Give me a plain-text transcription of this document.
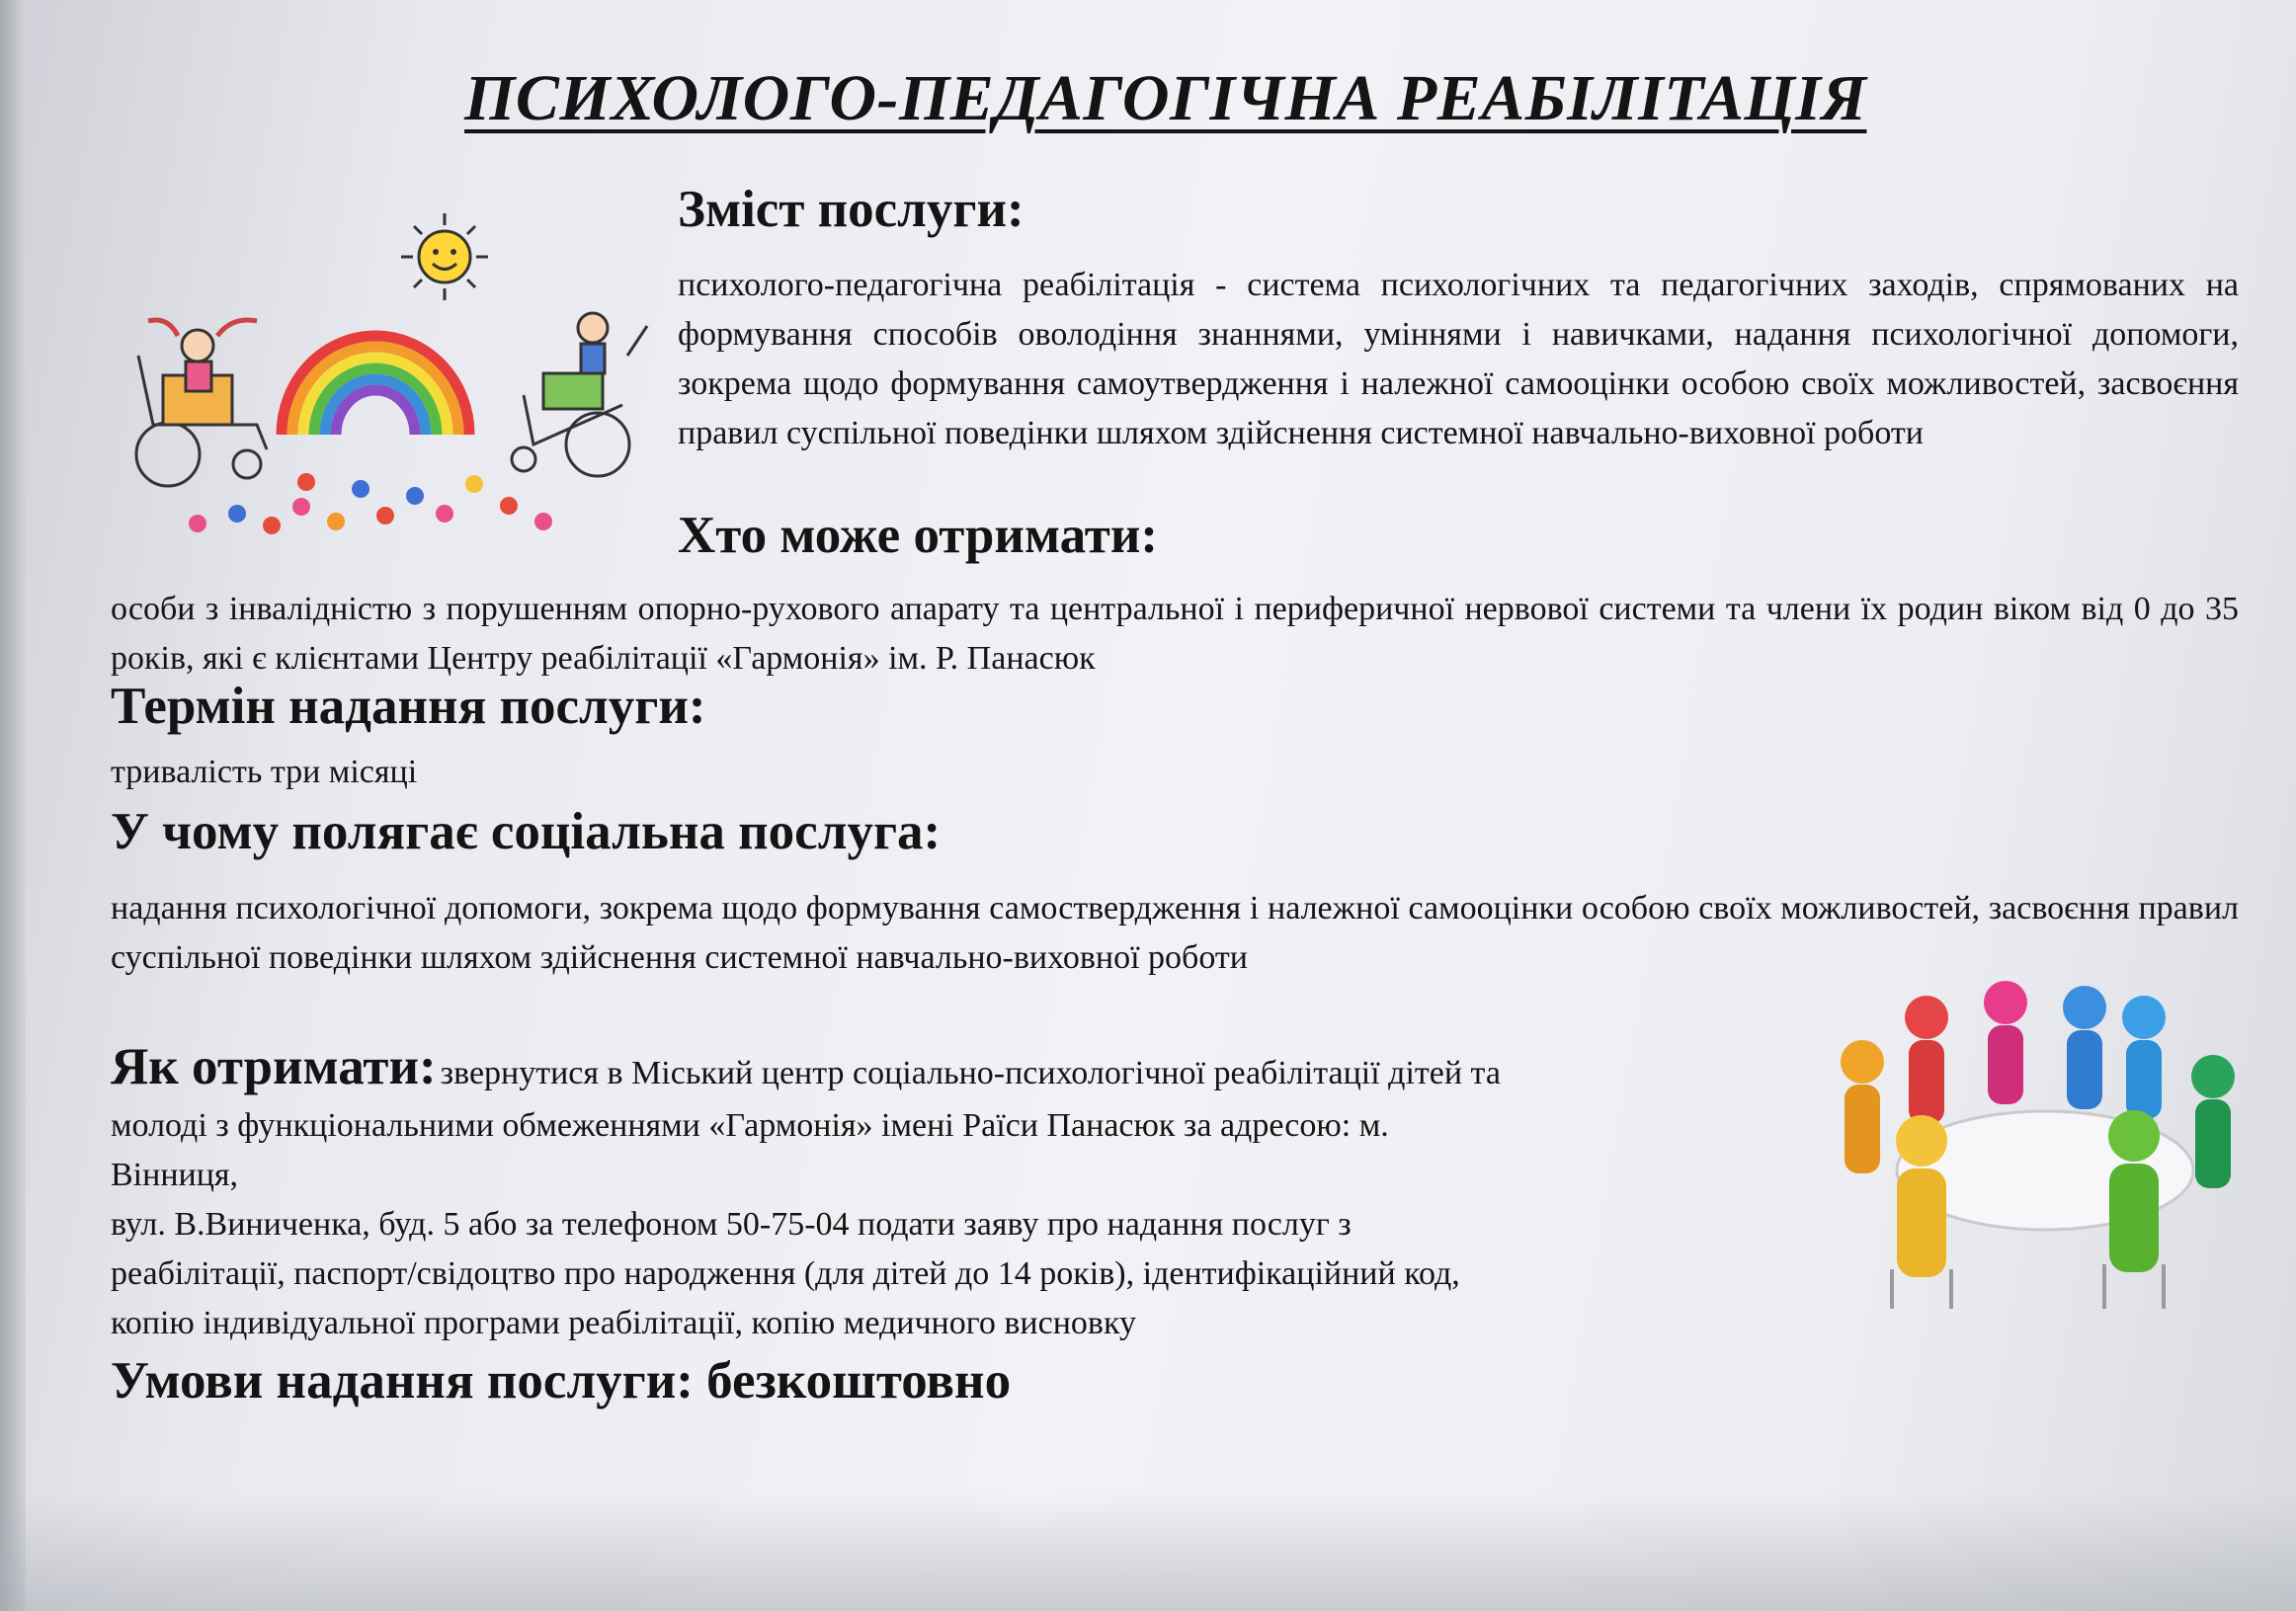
ПСИХОЛОГО-ПЕДАГОГІЧНА РЕАБІЛІТАЦІЯ
Зміст послуги:
психолого-педагогічна реабілітація - система психологічних та педагогічних заходів, спрямованих на формування способів оволодіння знаннями, уміннями і навичками, надання психологічної допомоги, зокрема щодо формування самоутвердження і належної самооцінки особою своїх можливостей, засвоєння правил суспільної поведінки шляхом здійснення системної навчально-виховної роботи
Хто може отримати:
особи з інвалідністю з порушенням опорно-рухового апарату та центральної і периферичної нервової системи та члени їх родин віком від 0 до 35 років, які є клієнтами Центру реабілітації «Гармонія» ім. Р. Панасюк
Термін надання послуги:
тривалість три місяці
У чому полягає соціальна послуга:
надання психологічної допомоги, зокрема щодо формування самоствердження і належної самооцінки особою своїх можливостей, засвоєння правил суспільної поведінки шляхом здійснення системної навчально-виховної роботи
Як отримати: звернутися в Міський центр соціально-психологічної реабілітації дітей та
молоді з функціональними обмеженнями «Гармонія» імені Раїси Панасюк за адресою: м.
Вінниця,
вул. В.Виниченка, буд. 5 або за телефоном 50-75-04 подати заяву про надання послуг з
реабілітації, паспорт/свідоцтво про народження (для дітей до 14 років), ідентифікаційний код,
копію індивідуальної програми реабілітації, копію медичного висновку
Умови надання послуги: безкоштовно
